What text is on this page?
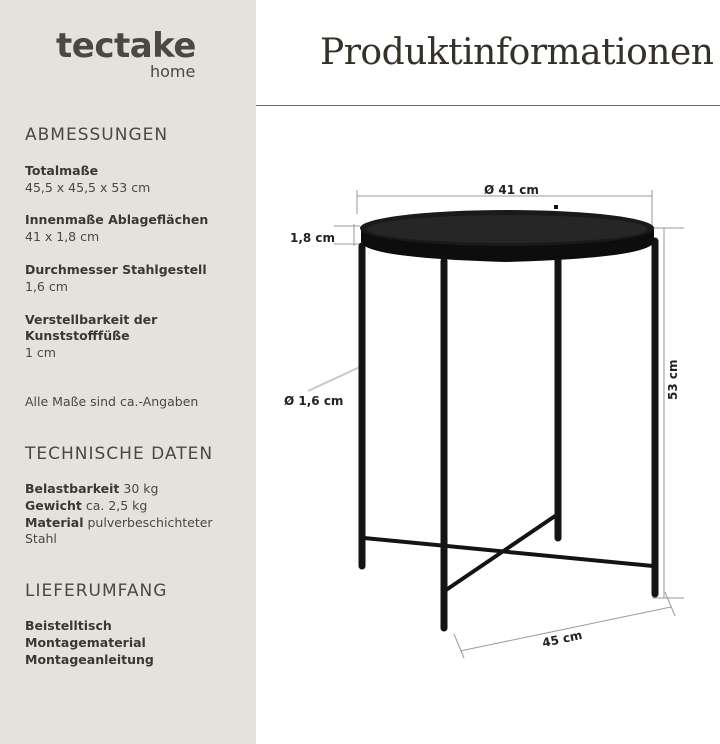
tectake
home	Produktinformationen
ABMESSUNGEN
Totalmaße
45,5 x 45,5 x 53 cm
Innenmaße Ablageflächen
41 x 1,8 cm
Durchmesser Stahlgestell
1,6 cm
Verstellbarkeit der
Kunststofffüße
1 cm
Alle Maße sind ca.-Angaben
TECHNISCHE DATEN
Belastbarkeit 30 kg
Gewicht ca. 2,5 kg
Material pulverbeschichteter
Stahl
LIEFERUMFANG
Beistelltisch
Montagematerial
Montageanleitung
Ø 41 cm
1,8 cm
Ø 1,6 cm
53 cm
45 cm
